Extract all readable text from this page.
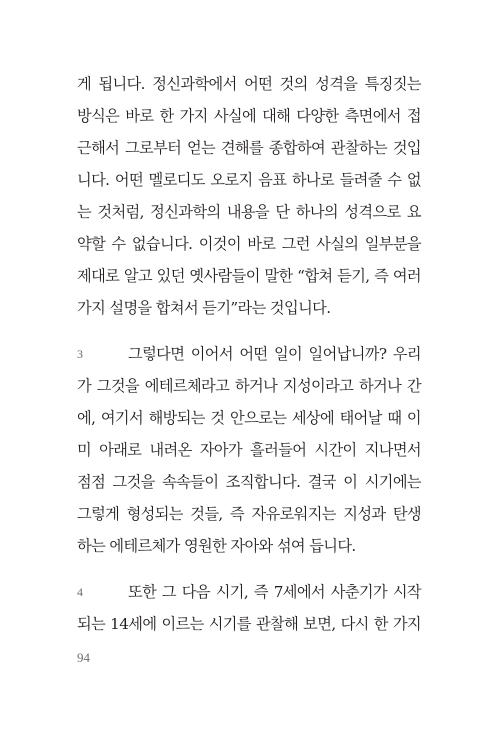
게 됩니다. 정신과학에서 어떤 것의 성격을 특징짓는
방식은 바로 한 가지 사실에 대해 다양한 측면에서 접
근해서 그로부터 얻는 견해를 종합하여 관찰하는 것입
니다. 어떤 멜로디도 오로지 음표 하나로 들려줄 수 없
는 것처럼, 정신과학의 내용을 단 하나의 성격으로 요
약할 수 없습니다. 이것이 바로 그런 사실의 일부분을
제대로 알고 있던 옛사람들이 말한 “합쳐 듣기, 즉 여러
가지 설명을 합쳐서 듣기”라는 것입니다.
3	그렇다면 이어서 어떤 일이 일어납니까? 우리
가 그것을 에테르체라고 하거나 지성이라고 하거나 간
에, 여기서 해방되는 것 안으로는 세상에 태어날 때 이
미 아래로 내려온 자아가 흘러들어 시간이 지나면서
점점 그것을 속속들이 조직합니다. 결국 이 시기에는
그렇게 형성되는 것들, 즉 자유로워지는 지성과 탄생
하는 에테르체가 영원한 자아와 섞여 듭니다.
4	또한 그 다음 시기, 즉 7세에서 사춘기가 시작
되는 14세에 이르는 시기를 관찰해 보면, 다시 한 가지
94
